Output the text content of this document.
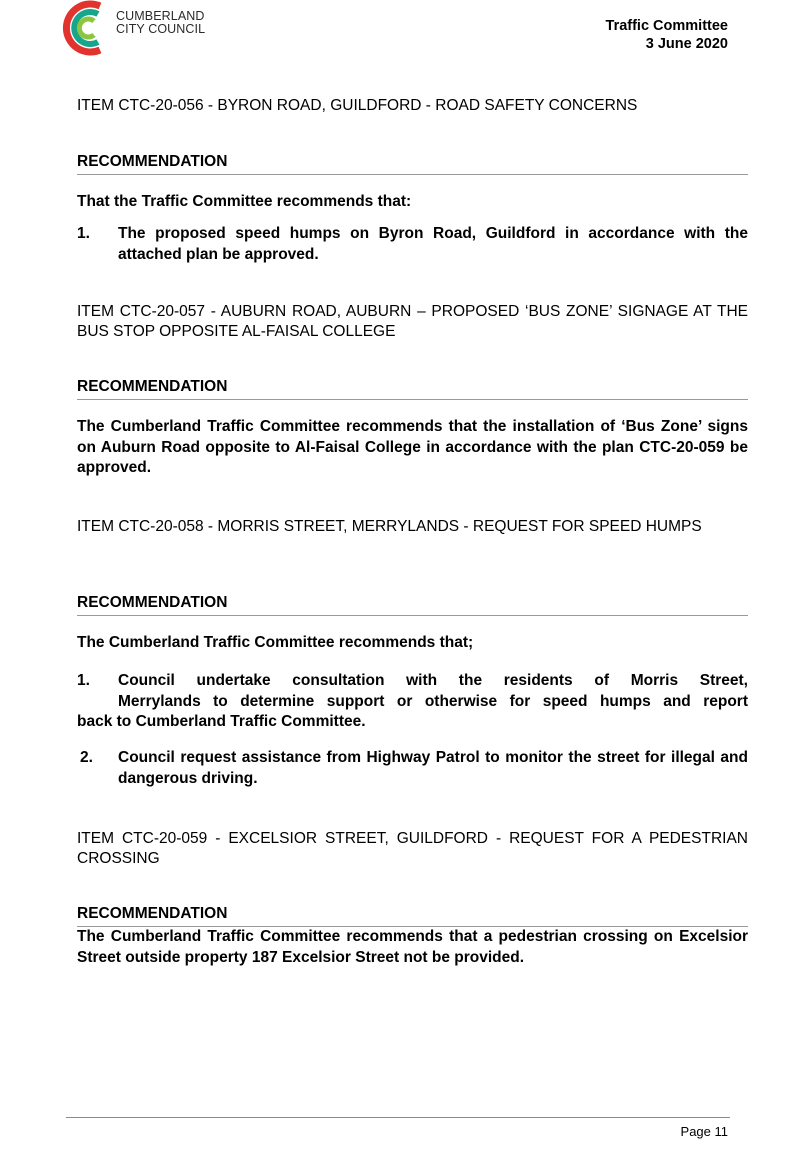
CUMBERLAND
CITY COUNCIL	Traffic Committee
3 June 2020
ITEM CTC-20-056 - BYRON ROAD, GUILDFORD - ROAD SAFETY CONCERNS
RECOMMENDATION
That the Traffic Committee recommends that:
1.	The proposed speed humps on Byron Road, Guildford in accordance with the attached plan be approved.
ITEM CTC-20-057 - AUBURN ROAD, AUBURN – PROPOSED ‘BUS ZONE’ SIGNAGE AT THE BUS STOP OPPOSITE AL-FAISAL COLLEGE
RECOMMENDATION
The Cumberland Traffic Committee recommends that the installation of ‘Bus Zone’ signs on Auburn Road opposite to Al-Faisal College in accordance with the plan CTC-20-059 be approved.
ITEM CTC-20-058 - MORRIS STREET, MERRYLANDS - REQUEST FOR SPEED HUMPS
RECOMMENDATION
The Cumberland Traffic Committee recommends that;
1.	Council undertake consultation with the residents of Morris Street,
Merrylands to determine support or otherwise for speed humps and report
back to Cumberland Traffic Committee.
2.	Council request assistance from Highway Patrol to monitor the street for illegal and dangerous driving.
ITEM CTC-20-059 - EXCELSIOR STREET, GUILDFORD - REQUEST FOR A PEDESTRIAN CROSSING
RECOMMENDATION
The Cumberland Traffic Committee recommends that a pedestrian crossing on Excelsior Street outside property 187 Excelsior Street not be provided.
Page 11
